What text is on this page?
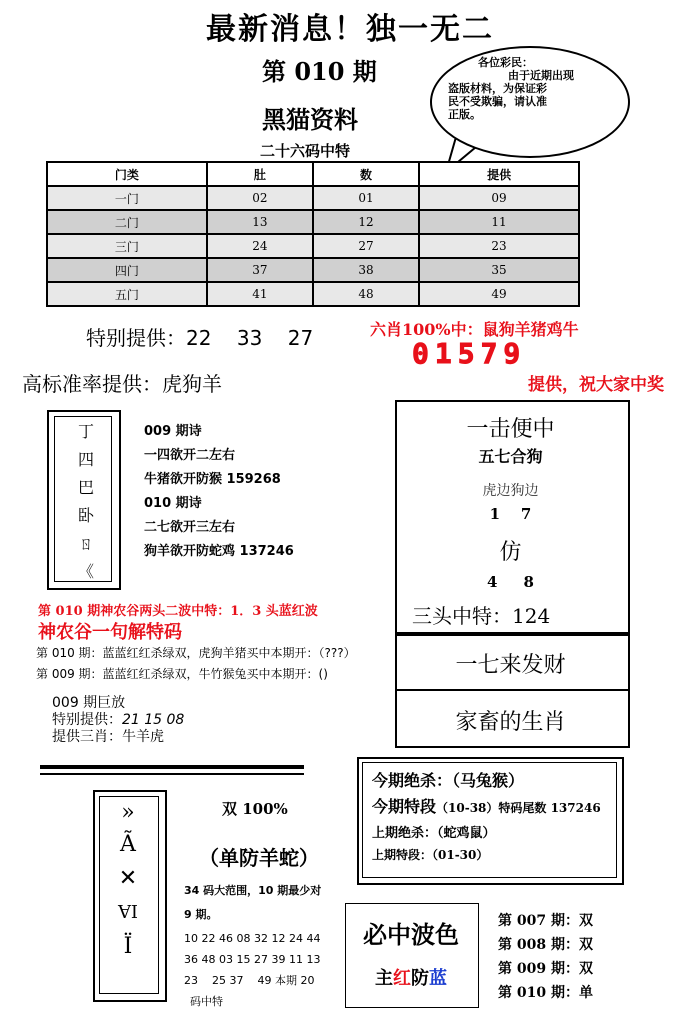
最新消息！独一无二
第 010 期
黑猫资料
二十六码中特
各位彩民：
由于近期出现
盗版材料，为保证彩
民不受欺骗，请认准
正版。
门类	肚	数	提供
一门	02	01	09
二门	13	12	11
三门	24	27	23
四门	37	38	35
五门	41	48	49
特别提供：22    33    27	六肖100%中：鼠狗羊猪鸡牛
01579
高标准率提供：虎狗羊	提供，祝大家中奖
丁
四
巴
卧
ㄖ
《
009 期诗
一四欲开二左右
牛猪欲开防猴 159268
010 期诗
二七欲开三左右
狗羊欲开防蛇鸡 137246
一击便中
五七合狗
虎边狗边
1    7
仿
4     8
三头中特：124
一七来发财
家畜的生肖
第 010 期神农谷两头二波中特：1．3 头蓝红波
神农谷一句解特码
第 010 期：蓝蓝红红杀绿双，虎狗羊猪买中本期开：（???）
第 009 期：蓝蓝红红杀绿双，牛竹猴兔买中本期开：()
009 期巨放
特别提供：21 15 08
提供三肖：牛羊虎
»
Ã
✕
ⱯI
Ï
双 100%
（单防羊蛇）
34 码大范围，10 期最少对
9 期。
10 22 46 08 32 12 24 44
36 48 03 15 27 39 11 13
23    25 37    49 本期 20
码中特
今期绝杀：（马兔猴）
今期特段（10-38）特码尾数 137246
上期绝杀：（蛇鸡鼠）
上期特段：（01-30）
必中波色
主红防蓝
第 007 期：双
第 008 期：双
第 009 期：双
第 010 期：单
